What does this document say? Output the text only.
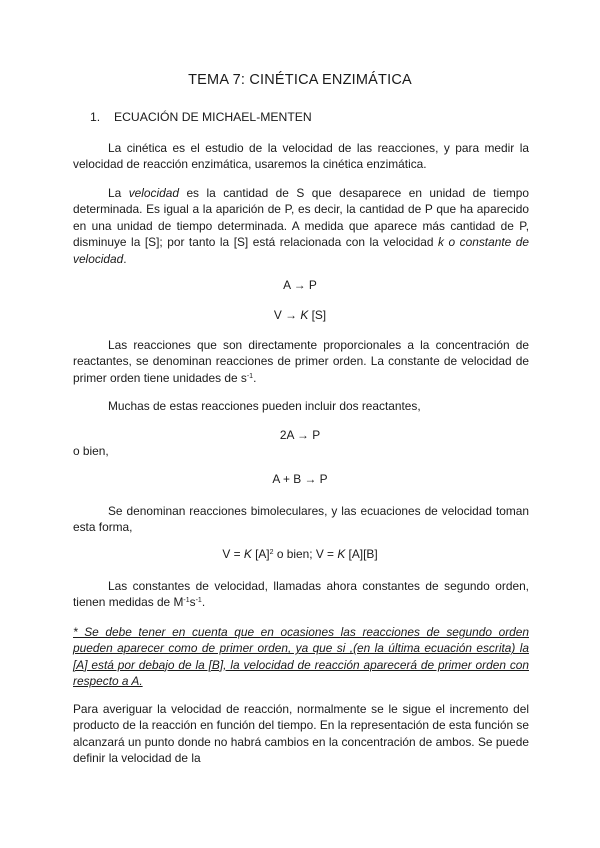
TEMA 7: CINÉTICA ENZIMÁTICA
1. ECUACIÓN DE MICHAEL-MENTEN

La cinética es el estudio de la velocidad de las reacciones, y para medir la velocidad de reacción enzimática, usaremos la cinética enzimática.

La velocidad es la cantidad de S que desaparece en unidad de tiempo determinada. Es igual a la aparición de P, es decir, la cantidad de P que ha aparecido en una unidad de tiempo determinada. A medida que aparece más cantidad de P, disminuye la [S]; por tanto la [S] está relacionada con la velocidad k o constante de velocidad.

A → P
V → K [S]

Las reacciones que son directamente proporcionales a la concentración de reactantes, se denominan reacciones de primer orden. La constante de velocidad de primer orden tiene unidades de $s^{-1}$.

Muchas de estas reacciones pueden incluir dos reactantes,

2A → P
o bien,
A + B → P

Se denominan reacciones bimoleculares, y las ecuaciones de velocidad toman esta forma,

V = K $[A]^2$ o bien; V = K [A][B]

Las constantes de velocidad, llamadas ahora constantes de segundo orden, tienen medidas de $M^{-1}s^{-1}$.

* Se debe tener en cuenta que en ocasiones las reacciones de segundo orden pueden aparecer como de primer orden, ya que si ,(en la última ecuación escrita) la [A] está por debajo de la [B], la velocidad de reacción aparecerá de primer orden con respecto a A.

Para averiguar la velocidad de reacción, normalmente se le sigue el incremento del producto de la reacción en función del tiempo. En la representación de esta función se alcanzará un punto donde no habrá cambios en la concentración de ambos. Se puede definir la velocidad de la
